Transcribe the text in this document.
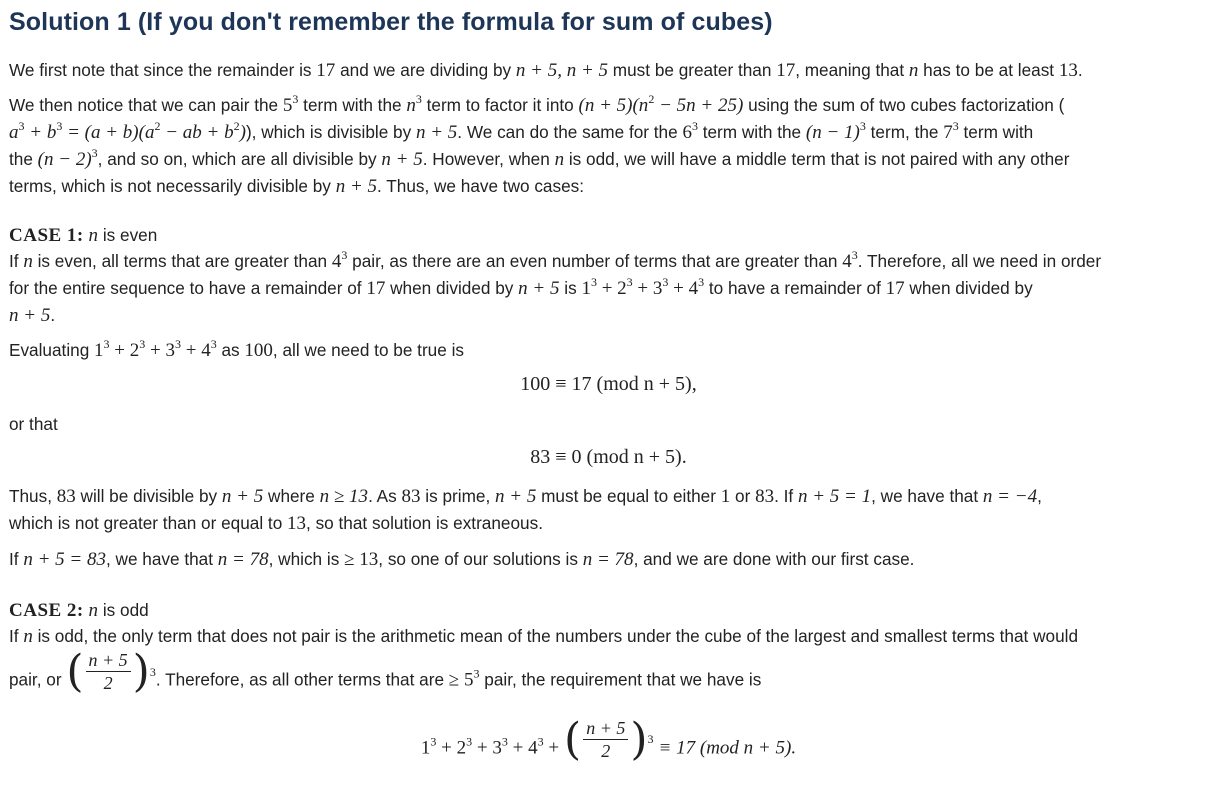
Solution 1 (If you don't remember the formula for sum of cubes)

We first note that since the remainder is 17 and we are dividing by n + 5, n + 5 must be greater than 17, meaning that n has to be at least 13.

We then notice that we can pair the $5^3$ term with the $n^3$ term to factor it into $(n + 5)(n^2 - 5n + 25)$ using the sum of two cubes factorization (
$a^3 + b^3 = (a + b)(a^2$ − ab + $b^2$)), which is divisible by n + 5. We can do the same for the $6^3$ term with the $(n - 1)^3$ term, the $7^3$ term with
the $(n - 2)^3$, and so on, which are all divisible by n + 5. However, when n is odd, we will have a middle term that is not paired with any other
terms, which is not necessarily divisible by n + 5. Thus, we have two cases:
CASE 1: n is even
If n is even, all terms that are greater than $4^3$ pair, as there are an even number of terms that are greater than $4^3$. Therefore, all we need in order
for the entire sequence to have a remainder of 17 when divided by n + 5 is $1^3 + 2^3 + 3^3 + 4^3$ to have a remainder of 17 when divided by
n + 5.

Evaluating $1^3 + 2^3 + 3^3 + 4^3$ as 100, all we need to be true is

100 ≡ 17 (mod n + 5),

or that

83 ≡ 0 (mod n + 5).
Thus, 83 will be divisible by n + 5 where n ≥ 13. As 83 is prime, n + 5 must be equal to either 1 or 83. If n + 5 = 1, we have that n = −4,
which is not greater than or equal to 13, so that solution is extraneous.

If n + 5 = 83, we have that n = 78, which is ≥ 13, so one of our solutions is n = 78, and we are done with our first case.

CASE 2: n is odd
If n is odd, the only term that does not pair is the arithmetic mean of the numbers under the cube of the largest and smallest terms that would
pair, or ( $\frac{n + 5}{2}$ ) 3 . Therefore, as all other terms that are ≥ $5^3$ pair, the requirement that we have is
$1^3 + 2^3 + 3^3 + 4^3$ + ( $\frac{n + 5}{2}$ ) 3 ≡ 17 (mod n + 5).
